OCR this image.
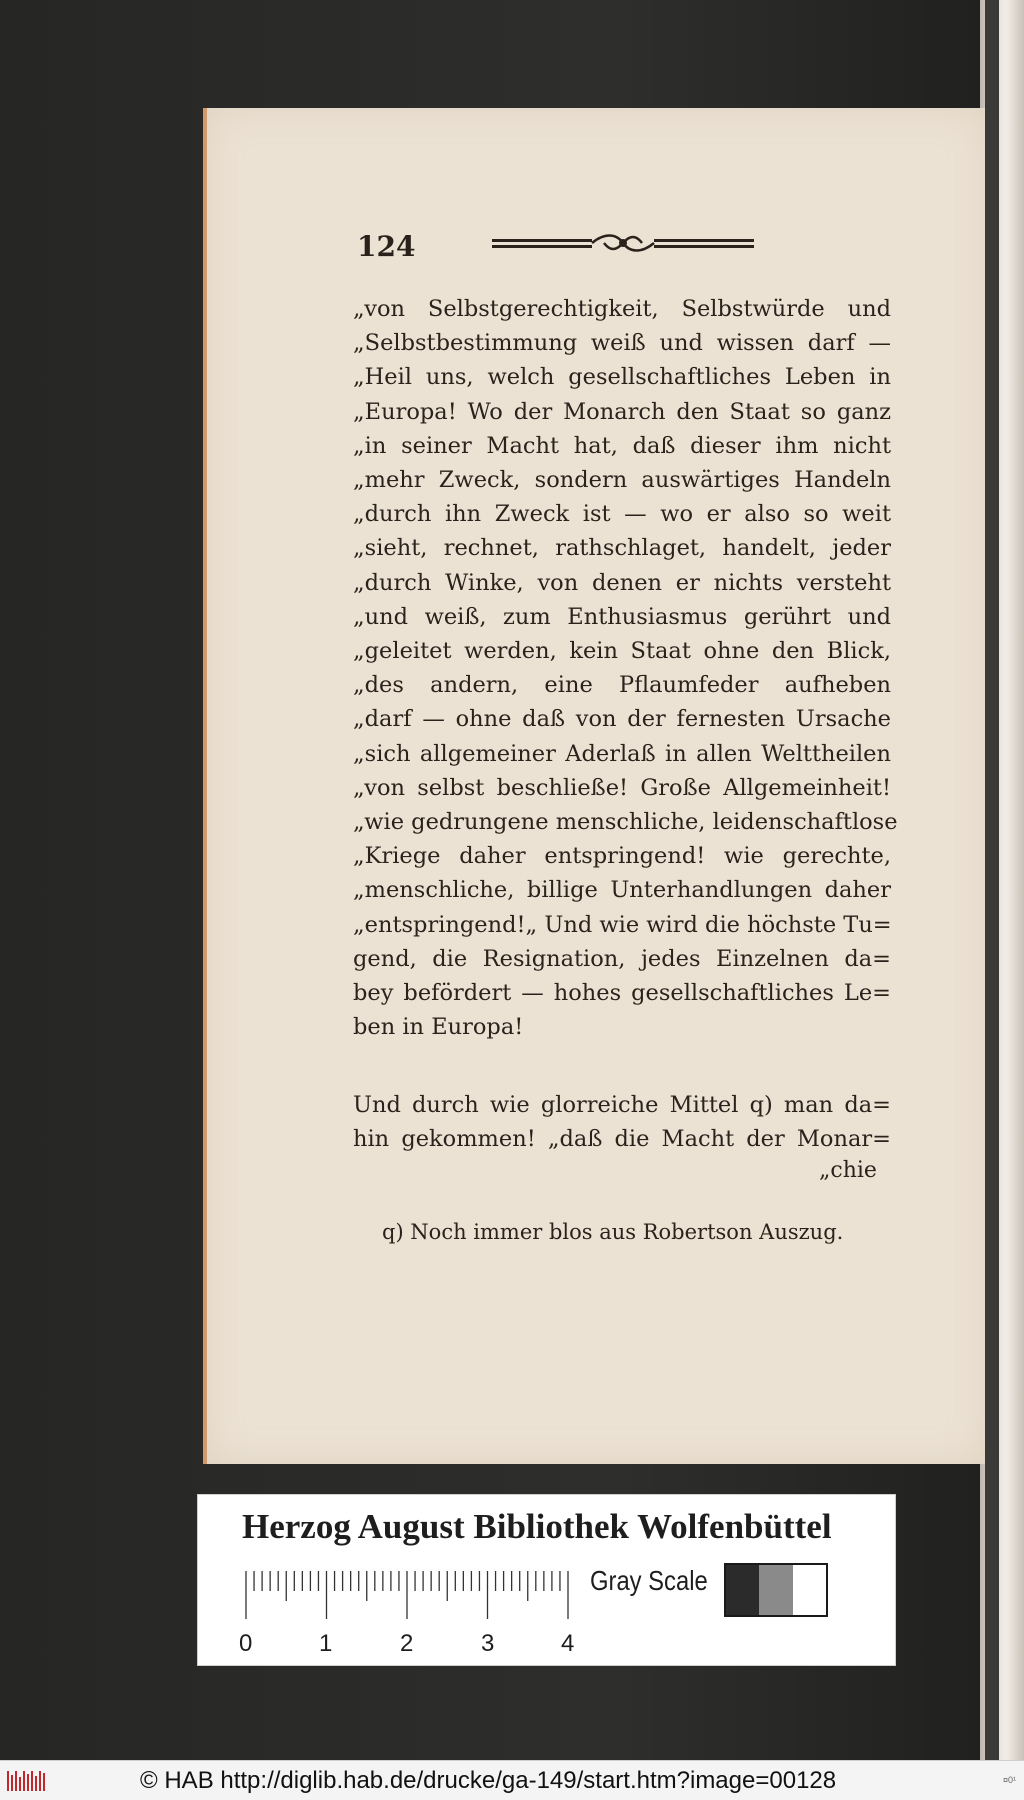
124
„von Selbstgerechtigkeit, Selbstwürde und
„Selbstbestimmung weiß und wissen darf —
„Heil uns, welch gesellschaftliches Leben in
„Europa! Wo der Monarch den Staat so ganz
„in seiner Macht hat, daß dieser ihm nicht
„mehr Zweck, sondern auswärtiges Handeln
„durch ihn Zweck ist — wo er also so weit
„sieht, rechnet, rathschlaget, handelt, jeder
„durch Winke, von denen er nichts versteht
„und weiß, zum Enthusiasmus gerührt und
„geleitet werden, kein Staat ohne den Blick,
„des andern, eine Pflaumfeder aufheben
„darf — ohne daß von der fernesten Ursache
„sich allgemeiner Aderlaß in allen Welttheilen
„von selbst beschließe! Große Allgemeinheit!
„wie gedrungene menschliche, leidenschaftlose
„Kriege daher entspringend! wie gerechte,
„menschliche, billige Unterhandlungen daher
„entspringend!„ Und wie wird die höchste Tu=
gend, die Resignation, jedes Einzelnen da=
bey befördert — hohes gesellschaftliches Le=
ben in Europa!
Und durch wie glorreiche Mittel q) man da=
hin gekommen! „daß die Macht der Monar=
„chie
q) Noch immer blos aus Robertson Auszug.
Herzog August Bibliothek Wolfenbüttel
0	1	2	3	4
Gray Scale
© HAB http://diglib.hab.de/drucke/ga-149/start.htm?image=00128	¤0¹
